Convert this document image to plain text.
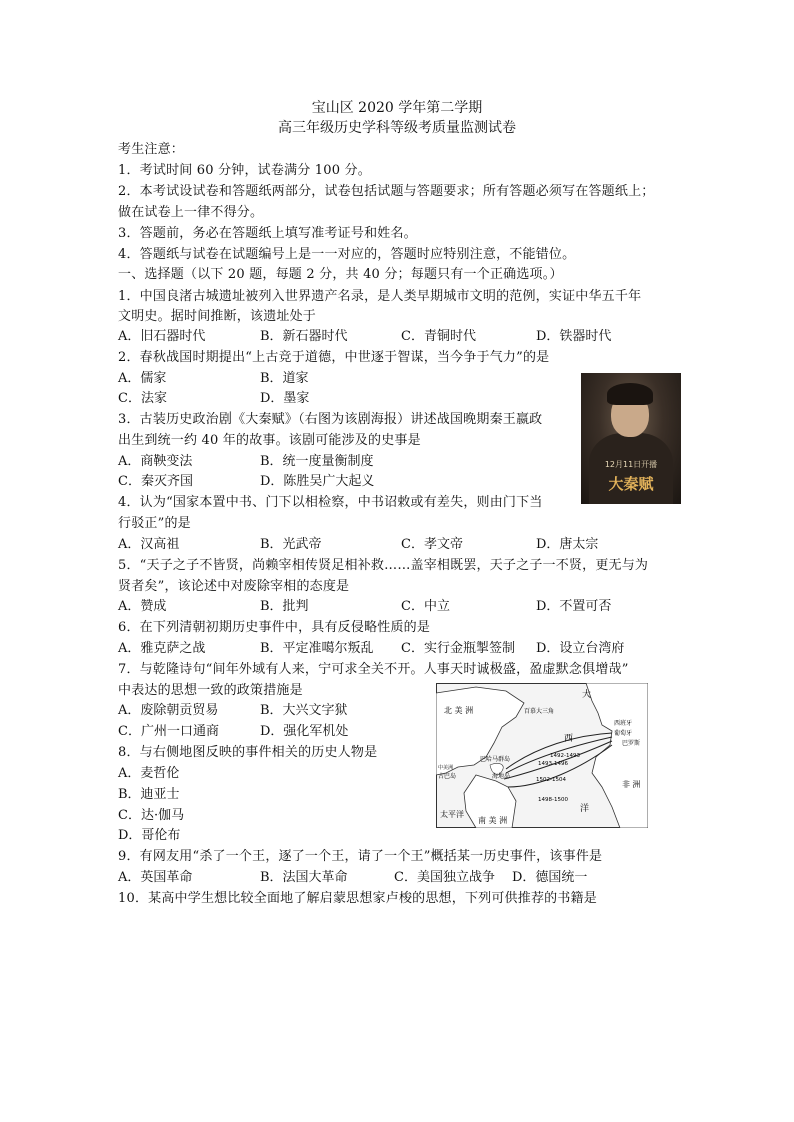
宝山区 2020 学年第二学期
高三年级历史学科等级考质量监测试卷
考生注意：
1．考试时间 60 分钟，试卷满分 100 分。
2．本考试设试卷和答题纸两部分，试卷包括试题与答题要求；所有答题必须写在答题纸上；
做在试卷上一律不得分。
3．答题前，务必在答题纸上填写准考证号和姓名。
4．答题纸与试卷在试题编号上是一一对应的，答题时应特别注意，不能错位。
一、选择题（以下 20 题，每题 2 分，共 40 分；每题只有一个正确选项。）
1．中国良渚古城遗址被列入世界遗产名录，是人类早期城市文明的范例，实证中华五千年
文明史。据时间推断，该遗址处于
A．旧石器时代	B．新石器时代	C．青铜时代	D．铁器时代
2．春秋战国时期提出“上古竞于道德，中世逐于智谋，当今争于气力”的是
A．儒家	B．道家
C．法家	D．墨家
12月11日开播
大秦赋
3．古装历史政治剧《大秦赋》（右图为该剧海报）讲述战国晚期秦王嬴政
出生到统一约 40 年的故事。该剧可能涉及的史事是
A．商鞅变法	B．统一度量衡制度
C．秦灭齐国	D．陈胜吴广大起义
4．认为“国家本置中书、门下以相检察，中书诏敕或有差失，则由门下当
行驳正”的是
A．汉高祖	B．光武帝	C．孝文帝	D．唐太宗
5．“天子之子不皆贤，尚赖宰相传贤足相补救……盖宰相既罢，天子之子一不贤，更无与为
贤者矣”，该论述中对废除宰相的态度是
A．赞成	B．批判	C．中立	D．不置可否
6．在下列清朝初期历史事件中，具有反侵略性质的是
A．雅克萨之战	B．平定准噶尔叛乱 C．实行金瓶掣签制 D．设立台湾府
7．与乾隆诗句“间年外域有人来，宁可求全关不开。人事天时诚极盛，盈虚默念俱增哉”
中表达的思想一致的政策措施是
A．废除朝贡贸易	B．大兴文字狱
C．广州一口通商	D．强化军机处
8．与右侧地图反映的事件相关的历史人物是
A．麦哲伦
B．迪亚士
C．达·伽马
D．哥伦布
大
北 美 洲	百慕大三角
西班牙
葡萄牙
巴罗斯
西
巴哈马群岛
中美洲
古巴岛	海地岛
非 洲
太平洋
南 美 洲
洋
1492-1493
1493-1496
1502-1504
1498-1500
9．有网友用“杀了一个王，逐了一个王，请了一个王”概括某一历史事件，该事件是
A．英国革命	B．法国大革命	C．美国独立战争 D．德国统一
10．某高中学生想比较全面地了解启蒙思想家卢梭的思想，下列可供推荐的书籍是
